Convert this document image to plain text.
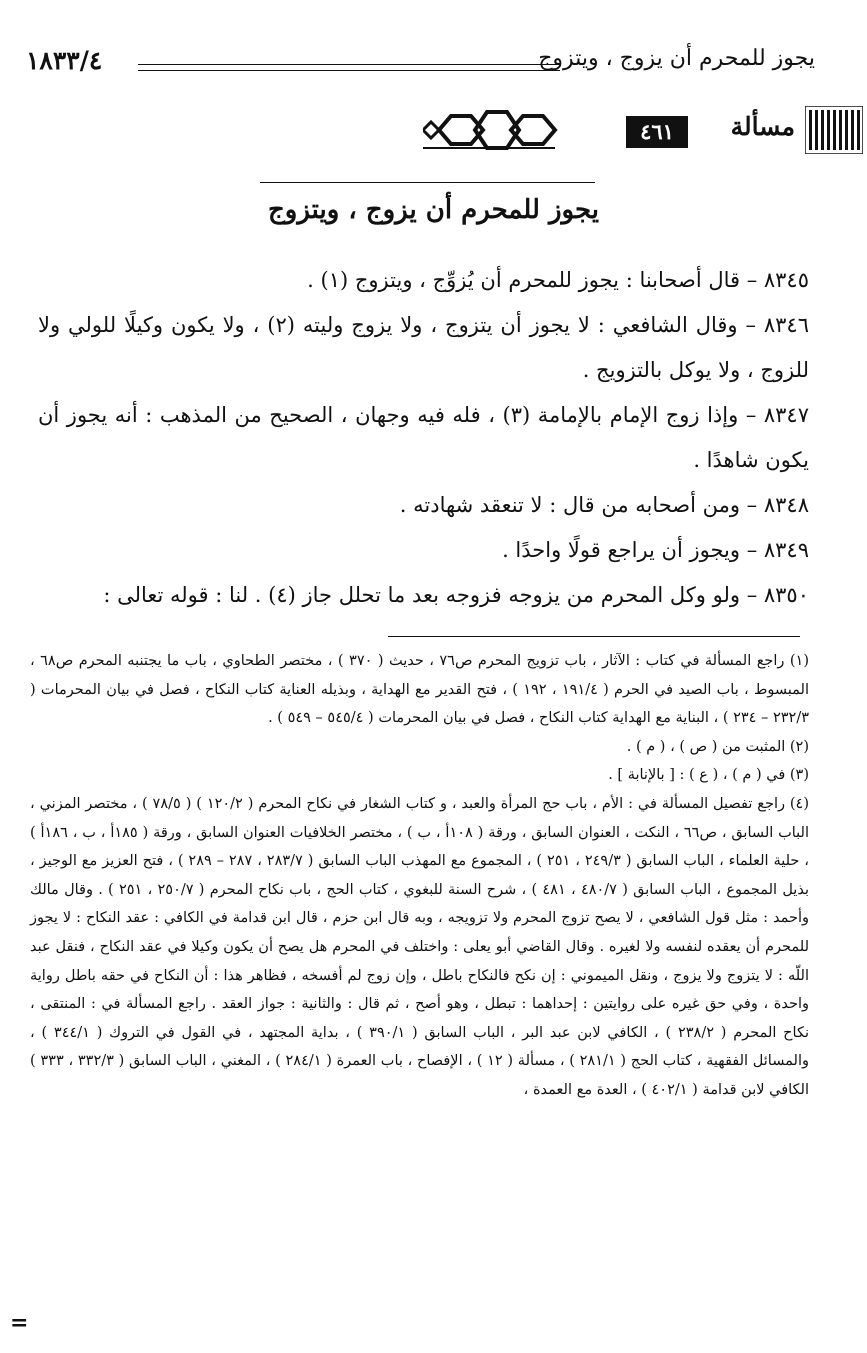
يجوز للمحرم أن يزوج ، ويتزوج
١٨٣٣/٤
مسألة
٤٦١
يجوز للمحرم أن يزوج ، ويتزوج

٨٣٤٥ – قال أصحابنا : يجوز للمحرم أن يُزوِّج ، ويتزوج (١) .

٨٣٤٦ – وقال الشافعي : لا يجوز أن يتزوج ، ولا يزوج وليته (٢) ، ولا يكون وكيلًا للولي ولا للزوج ، ولا يوكل بالتزويج .

٨٣٤٧ – وإذا زوج الإمام بالإمامة (٣) ، فله فيه وجهان ، الصحيح من المذهب : أنه يجوز أن يكون شاهدًا .

٨٣٤٨ – ومن أصحابه من قال : لا تنعقد شهادته .

٨٣٤٩ – ويجوز أن يراجع قولًا واحدًا .

٨٣٥٠ – ولو وكل المحرم من يزوجه فزوجه بعد ما تحلل جاز (٤) . لنا : قوله تعالى :

(١) راجع المسألة في كتاب : الآثار ، باب تزويج المحرم ص٧٦ ، حديث ( ٣٧٠ ) ، مختصر الطحاوي ، باب ما يجتنبه المحرم ص٦٨ ، المبسوط ، باب الصيد في الحرم ( ١٩١/٤ ، ١٩٢ ) ، فتح القدير مع الهداية ، وبذيله العناية كتاب النكاح ، فصل في بيان المحرمات ( ٢٣٢/٣ – ٢٣٤ ) ، البناية مع الهداية كتاب النكاح ، فصل في بيان المحرمات ( ٥٤٥/٤ – ٥٤٩ ) .

(٢) المثبت من ( ص ) ، ( م ) .

(٣) في ( م ) ، ( ع ) : [ بالإنابة ] .

(٤) راجع تفصيل المسألة في : الأم ، باب حج المرأة والعبد ، و كتاب الشغار في نكاح المحرم ( ١٢٠/٢ ) ( ٧٨/٥ ) ، مختصر المزني ، الباب السابق ، ص٦٦ ، النكت ، العنوان السابق ، ورقة ( ١٠٨أ ، ب ) ، مختصر الخلافيات العنوان السابق ، ورقة ( ١٨٥أ ، ب ، ١٨٦أ ) ، حلية العلماء ، الباب السابق ( ٢٤٩/٣ ، ٢٥١ ) ، المجموع مع المهذب الباب السابق ( ٢٨٣/٧ ، ٢٨٧ – ٢٨٩ ) ، فتح العزيز مع الوجيز ، بذيل المجموع ، الباب السابق ( ٤٨٠/٧ ، ٤٨١ ) ، شرح السنة للبغوي ، كتاب الحج ، باب نكاح المحرم ( ٢٥٠/٧ ، ٢٥١ ) . وقال مالك وأحمد : مثل قول الشافعي ، لا يصح تزوج المحرم ولا تزويجه ، وبه قال ابن حزم ، قال ابن قدامة في الكافي : عقد النكاح : لا يجوز للمحرم أن يعقده لنفسه ولا لغيره . وقال القاضي أبو يعلى : واختلف في المحرم هل يصح أن يكون وكيلا في عقد النكاح ، فنقل عبد اللّه : لا يتزوج ولا يزوج ، ونقل الميموني : إن نكح فالنكاح باطل ، وإن زوج لم أفسخه ، فظاهر هذا : أن النكاح في حقه باطل رواية واحدة ، وفي حق غيره على روايتين : إحداهما : تبطل ، وهو أصح ، ثم قال : والثانية : جواز العقد . راجع المسألة في : المنتقى ، نكاح المحرم ( ٢٣٨/٢ ) ، الكافي لابن عبد البر ، الباب السابق ( ٣٩٠/١ ) ، بداية المجتهد ، في القول في التروك ( ٣٤٤/١ ) ، والمسائل الفقهية ، كتاب الحج ( ٢٨١/١ ) ، مسألة ( ١٢ ) ، الإفصاح ، باب العمرة ( ٢٨٤/١ ) ، المغني ، الباب السابق ( ٣٣٢/٣ ، ٣٣٣ ) الكافي لابن قدامة ( ٤٠٢/١ ) ، العدة مع العمدة ،

=
